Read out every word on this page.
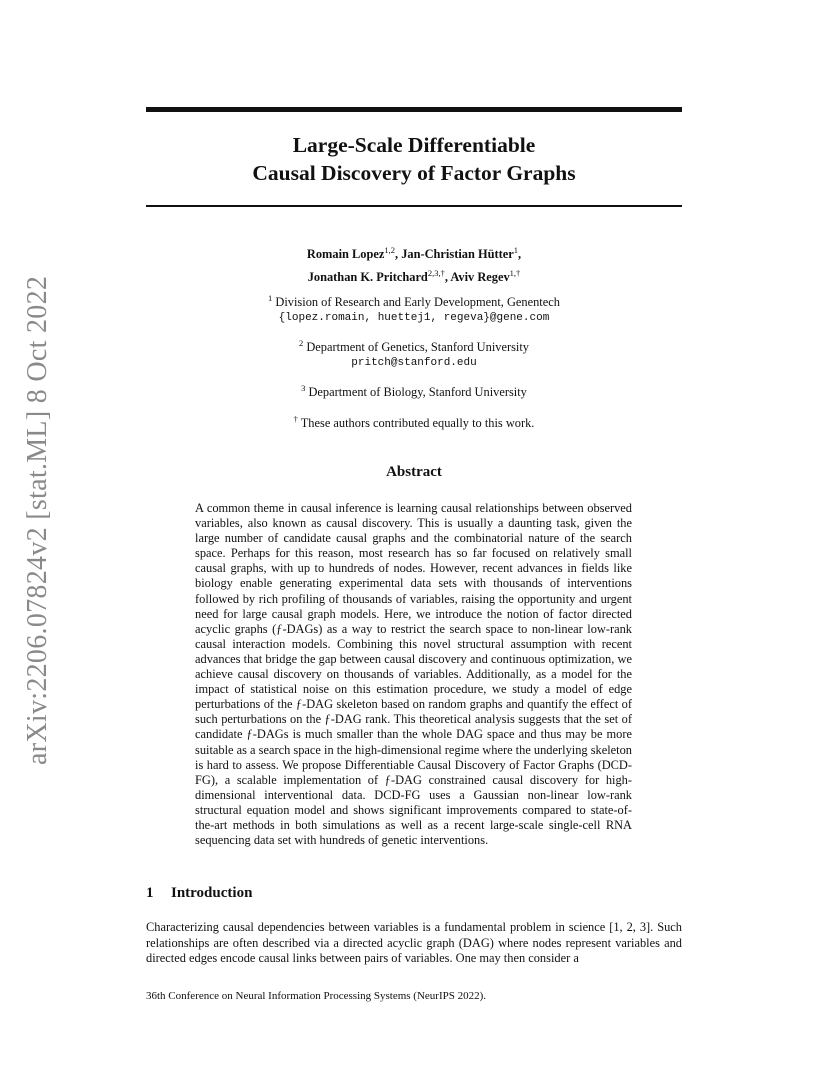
arXiv:2206.07824v2 [stat.ML] 8 Oct 2022
Large-Scale Differentiable
Causal Discovery of Factor Graphs
Romain Lopez$^{1,2}$, Jan-Christian Hütter$^1$,
Jonathan K. Pritchard$^{2,3,\dagger}$, Aviv Regev$^{1,\dagger}$
$^1$ Division of Research and Early Development, Genentech
{lopez.romain, huettej1, regeva}@gene.com
$^2$ Department of Genetics, Stanford University
pritch@stanford.edu
$^3$ Department of Biology, Stanford University
† These authors contributed equally to this work.
Abstract
A common theme in causal inference is learning causal relationships between observed variables, also known as causal discovery. This is usually a daunting task, given the large number of candidate causal graphs and the combinatorial nature of the search space. Perhaps for this reason, most research has so far focused on relatively small causal graphs, with up to hundreds of nodes. However, recent advances in fields like biology enable generating experimental data sets with thousands of interventions followed by rich profiling of thousands of variables, raising the opportunity and urgent need for large causal graph models. Here, we introduce the notion of factor directed acyclic graphs (ƒ-DAGs) as a way to restrict the search space to non-linear low-rank causal interaction models. Combining this novel structural assumption with recent advances that bridge the gap between causal discovery and continuous optimization, we achieve causal discovery on thousands of variables. Additionally, as a model for the impact of statistical noise on this estimation procedure, we study a model of edge perturbations of the ƒ-DAG skeleton based on random graphs and quantify the effect of such perturbations on the ƒ-DAG rank. This theoretical analysis suggests that the set of candidate ƒ-DAGs is much smaller than the whole DAG space and thus may be more suitable as a search space in the high-dimensional regime where the underlying skeleton is hard to assess. We propose Differentiable Causal Discovery of Factor Graphs (DCD-FG), a scalable implementation of ƒ-DAG constrained causal discovery for high-dimensional interventional data. DCD-FG uses a Gaussian non-linear low-rank structural equation model and shows significant improvements compared to state-of-the-art methods in both simulations as well as a recent large-scale single-cell RNA sequencing data set with hundreds of genetic interventions.
1 Introduction
Characterizing causal dependencies between variables is a fundamental problem in science [1, 2, 3]. Such relationships are often described via a directed acyclic graph (DAG) where nodes represent variables and directed edges encode causal links between pairs of variables. One may then consider a
36th Conference on Neural Information Processing Systems (NeurIPS 2022).
